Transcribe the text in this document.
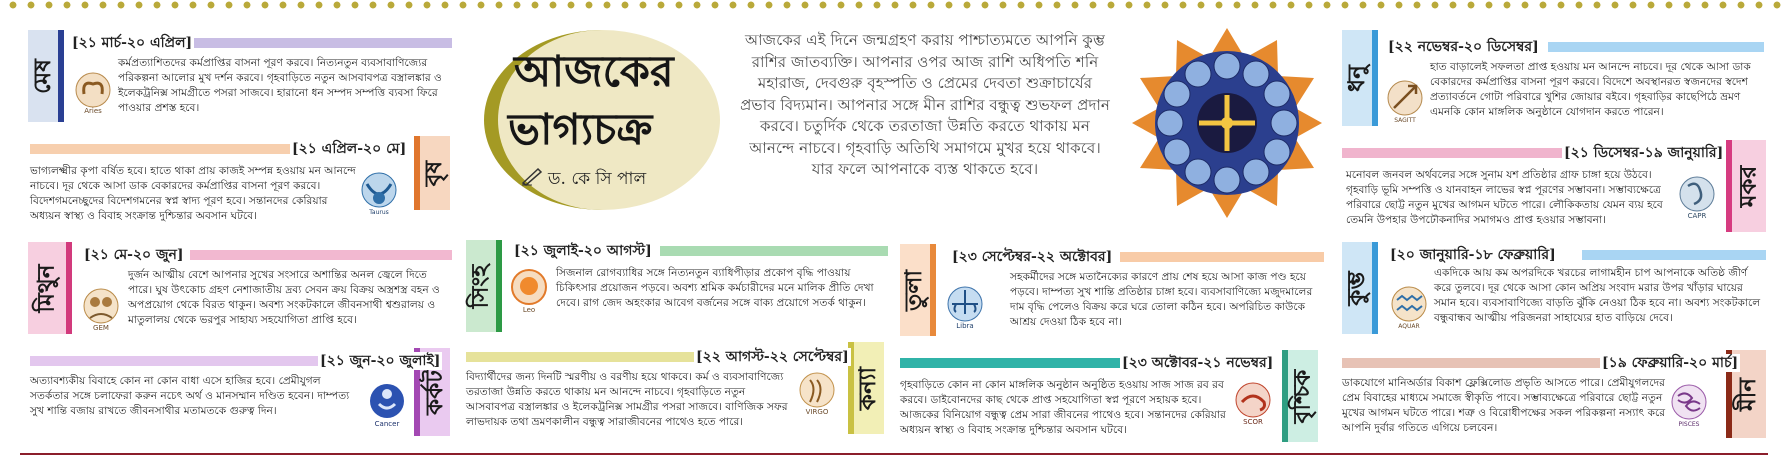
মেষ
[২১ মার্চ-২০ এপ্রিল]
Aries
কর্মপ্রত্যাশিতদের কর্মপ্রাপ্তির বাসনা পূরণ করবে। নিত্যনতুন ব্যবসাবাণিজ্যের পরিকল্পনা আলোর মুখ দর্শন করবে। গৃহবাড়িতে নতুন আসবাবপত্র বস্ত্রালঙ্কার ও ইলেকট্রনিক্স সামগ্রীতে পসরা সাজবে। হারানো ধন সম্পদ সম্পত্তি ব্যবসা ফিরে পাওয়ার প্রশস্ত হবে।
বৃষ
[২১ এপ্রিল-২০ মে]
Taurus
ভাগ্যলক্ষ্মীর কৃপা বর্ষিত হবে। হাতে থাকা প্রায় কাজই সম্পন্ন হওয়ায় মন আনন্দে নাচবে। দূর থেকে আসা ডাক বেকারদের কর্মপ্রাপ্তির বাসনা পূরণ করবে। বিদেশগমনেচ্ছুদের বিদেশগমনের স্বপ্ন স্বাদ্য পূরণ হবে। সন্তানদের কেরিয়ার অধ্যয়ন স্বাস্থ্য ও বিবাহ সংক্রান্ত দুশ্চিন্তার অবসান ঘটবে।
মিথুন
[২১ মে-২০ জুন]
GEM
দুর্জন আত্মীয় বেশে আপনার সুখের সংসারে অশান্তির অনল জ্বেলে দিতে পারে। ঘুষ উৎকোচ গ্রহণ নেশাজাতীয় দ্রব্য সেবন ক্রয় বিক্রয় অস্ত্রশস্ত্র বহন ও অপপ্রয়োগ থেকে বিরত থাকুন। অবশ্য সংকটকালে জীবনসাথী শ্বশুরালয় ও মাতুলালয় থেকে ভরপুর সাহায্য সহযোগিতা প্রাপ্তি হবে।
কর্কট
[২১ জুন-২০ জুলাই]
Cancer
অত্যাবশ্যকীয় বিবাহে কোন না কোন বাধা এসে হাজির হবে। প্রেমীযুগল সতর্কতার সঙ্গে চলাফেরা করুন নচেৎ অর্থ ও মানসম্মান দণ্ডিত হবেন। দাম্পত্য সুখ শান্তি বজায় রাখতে জীবনসাথীর মতামতকে গুরুত্ব দিন।
আজকের
ভাগ্যচক্র
ড. কে সি পাল
আজকের এই দিনে জন্মগ্রহণ করায় পাশ্চাত্যমতে আপনি কুম্ভ রাশির জাতব্যক্তি। আপনার ওপর আজ রাশি অধিপতি শনি মহারাজ, দেবগুরু বৃহস্পতি ও প্রেমের দেবতা শুক্রাচার্যের প্রভাব বিদ্যমান। আপনার সঙ্গে মীন রাশির বন্ধুত্ব শুভফল প্রদান করবে। চতুর্দিক থেকে তরতাজা উন্নতি করতে থাকায় মন আনন্দে নাচবে। গৃহবাড়ি অতিথি সমাগমে মুখর হয়ে থাকবে। যার ফলে আপনাকে ব্যস্ত থাকতে হবে।
সিংহ
[২১ জুলাই-২০ আগস্ট]
Leo
সিজনাল রোগব্যাধির সঙ্গে নিত্যনতুন ব্যাধিপীড়ার প্রকোপ বৃদ্ধি পাওয়ায় চিকিৎসার প্রয়োজন পড়বে। অবশ্য শ্রমিক কর্মচারীদের মনে মালিক প্রীতি দেখা দেবে। রাগ জেদ অহংকার আবেগ বর্জনের সঙ্গে বাক্য প্রয়োগে সতর্ক থাকুন।
কন্যা
[২২ আগস্ট-২২ সেপ্টেম্বর]
VIRGO
বিদ্যার্থীদের জন্য দিনটি স্মরণীয় ও বরণীয় হয়ে থাকবে। কর্ম ও ব্যবসাবাণিজ্যে তরতাজা উন্নতি করতে থাকায় মন আনন্দে নাচবে। গৃহবাড়িতে নতুন আসবাবপত্র বস্ত্রালঙ্কার ও ইলেকট্রনিক্স সামগ্রীর পসরা সাজবে। বাণিজিক সফর লাভদায়ক তথা ভ্রমণকালীন বন্ধুত্ব সারাজীবনের পাথেও হতে পারে।
তুলা
[২৩ সেপ্টেম্বর-২২ অক্টোবর]
Libra
সহকর্মীদের সঙ্গে মতানৈক্যের কারণে প্রায় শেষ হয়ে আসা কাজ পণ্ড হয়ে পড়বে। দাম্পত্য সুখ শান্তি প্রতিষ্ঠার চাঙ্গা হবে। ব্যবসাবাণিজ্যে মজুদমালের দাম বৃদ্ধি পেলেও বিক্রয় করে ঘরে তোলা কঠিন হবে। অপরিচিত কাউকে আশ্রয় দেওয়া ঠিক হবে না।
বৃশ্চিক
[২৩ অক্টোবর-২১ নভেম্বর]
SCOR
গৃহবাড়িতে কোন না কোন মাঙ্গলিক অনুষ্ঠান অনুষ্ঠিত হওয়ায় সাজ সাজ রব রব করবে। ডাইবোনদের কাছ থেকে প্রাপ্ত সহযোগিতা স্বপ্ন পূরণে সহায়ক হবে। আজকের বিনিয়োগ বন্ধুত্ব প্রেম সারা জীবনের পাথেও হবে। সন্তানদের কেরিয়ার অধ্যয়ন স্বাস্থ্য ও বিবাহ সংক্রান্ত দুশ্চিন্তার অবসান ঘটবে।
ধনু
[২২ নভেম্বর-২০ ডিসেম্বর]
SAGITT
হাত বাড়ালেই সফলতা প্রাপ্ত হওয়ায় মন আনন্দে নাচবে। দূর থেকে আসা ডাক বেকারদের কর্মপ্রাপ্তির বাসনা পূরণ করবে। বিদেশে অবস্থানরত স্বজনদের স্বদেশ প্রত্যাবর্তনে গোটা পরিবারে খুশির জোয়ার বইবে। গৃহবাড়ির কাছেপিঠে ভ্রমণ এমনকি কোন মাঙ্গলিক অনুষ্ঠানে যোগদান করতে পারেন।
মকর
[২১ ডিসেম্বর-১৯ জানুয়ারি]
CAPR
মনোবল জনবল অর্থবলের সঙ্গে সুনাম যশ প্রতিষ্ঠার গ্রাফ চাঙ্গা হয়ে উঠবে। গৃহবাড়ি ভূমি সম্পত্তি ও যানবাহন লাভের স্বপ্ন পূরণের সম্ভাবনা। সম্ভাব্যক্ষেত্রে পরিবারে ছোট্ট নতুন মুখের আগমন ঘটতে পারে। লৌকিকতায় যেমন ব্যয় হবে তেমনি উপহার উপঢৌকনাদির সমাগমও প্রাপ্ত হওয়ার সম্ভাবনা।
কুম্ভ
[২০ জানুয়ারি-১৮ ফেব্রুয়ারি]
AQUAR
একদিকে আয় কম অপরদিকে খরচের লাগামহীন চাপ আপনাকে অতিষ্ঠ জীর্ণ করে তুলবে। দূর থেকে আসা কোন অপ্রিয় সংবাদ মরার উপর খাঁড়ার ঘায়ের সমান হবে। ব্যবসাবাণিজ্যে বাড়তি ঝুঁকি নেওয়া ঠিক হবে না। অবশ্য সংকটকালে বন্ধুবান্ধব আত্মীয় পরিজনরা সাহায্যের হাত বাড়িয়ে দেবে।
মীন
[১৯ ফেব্রুয়ারি-২০ মার্চ]
PISCES
ডাকযোগে মানিঅর্ডার বিকাশ ফ্লেক্সিলোড প্রভৃতি আসতে পারে। প্রেমীযুগলদের প্রেম বিবাহের মাধ্যমে সমাজে স্বীকৃতি পাবে। সম্ভাব্যক্ষেত্রে পরিবারে ছোট্ট নতুন মুখের আগমন ঘটতে পারে। শত্রু ও বিরোধীপক্ষের সকল পরিকল্পনা নস্যাৎ করে আপনি দুর্বার গতিতে এগিয়ে চলবেন।
